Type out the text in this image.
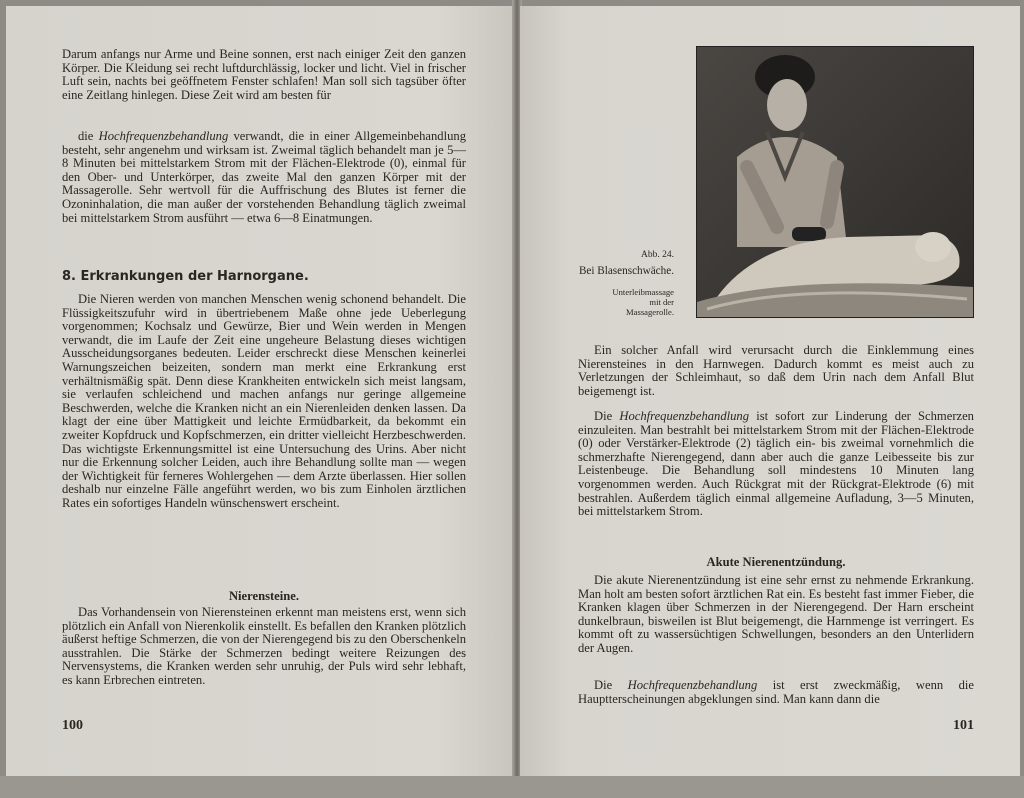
Darum anfangs nur Arme und Beine sonnen, erst nach einiger Zeit den ganzen Körper. Die Kleidung sei recht luftdurchlässig, locker und licht. Viel in frischer Luft sein, nachts bei geöffnetem Fenster schlafen! Man soll sich tagsüber öfter eine Zeitlang hinlegen. Diese Zeit wird am besten für

die Hochfrequenzbehandlung verwandt, die in einer Allgemeinbehandlung besteht, sehr angenehm und wirksam ist. Zweimal täglich behandelt man je 5—8 Minuten bei mittelstarkem Strom mit der Flächen-Elektrode (0), einmal für den Ober- und Unterkörper, das zweite Mal den ganzen Körper mit der Massagerolle. Sehr wertvoll für die Auffrischung des Blutes ist ferner die Ozoninhalation, die man außer der vorstehenden Behandlung täglich zweimal bei mittelstarkem Strom ausführt — etwa 6—8 Einatmungen.

8. Erkrankungen der Harnorgane.

Die Nieren werden von manchen Menschen wenig schonend behandelt. Die Flüssigkeitszufuhr wird in übertriebenem Maße ohne jede Ueberlegung vorgenommen; Kochsalz und Gewürze, Bier und Wein werden in Mengen verwandt, die im Laufe der Zeit eine ungeheure Belastung dieses wichtigen Ausscheidungsorganes bedeuten. Leider erschreckt diese Menschen keinerlei Warnungszeichen beizeiten, sondern man merkt eine Erkrankung erst verhältnismäßig spät. Denn diese Krankheiten entwickeln sich meist langsam, sie verlaufen schleichend und machen anfangs nur geringe allgemeine Beschwerden, welche die Kranken nicht an ein Nierenleiden denken lassen. Da klagt der eine über Mattigkeit und leichte Ermüdbarkeit, da bekommt ein zweiter Kopfdruck und Kopfschmerzen, ein dritter vielleicht Herzbeschwerden. Das wichtigste Erkennungsmittel ist eine Untersuchung des Urins. Aber nicht nur die Erkennung solcher Leiden, auch ihre Behandlung sollte man — wegen der Wichtigkeit für ferneres Wohlergehen — dem Arzte überlassen. Hier sollen deshalb nur einzelne Fälle angeführt werden, wo bis zum Einholen ärztlichen Rates ein sofortiges Handeln wünschenswert erscheint.

Nierensteine.

Das Vorhandensein von Nierensteinen erkennt man meistens erst, wenn sich plötzlich ein Anfall von Nierenkolik einstellt. Es befallen den Kranken plötzlich äußerst heftige Schmerzen, die von der Nierengegend bis zu den Oberschenkeln ausstrahlen. Die Stärke der Schmerzen bedingt weitere Reizungen des Nervensystems, die Kranken werden sehr unruhig, der Puls wird sehr lebhaft, es kann Erbrechen eintreten.

100
Abb. 24.
Bei Blasenschwäche.
Unterleibmassage
mit der
Massagerolle.

Ein solcher Anfall wird verursacht durch die Einklemmung eines Nierensteines in den Harnwegen. Dadurch kommt es meist auch zu Verletzungen der Schleimhaut, so daß dem Urin nach dem Anfall Blut beigemengt ist.

Die Hochfrequenzbehandlung ist sofort zur Linderung der Schmerzen einzuleiten. Man bestrahlt bei mittelstarkem Strom mit der Flächen-Elektrode (0) oder Verstärker-Elektrode (2) täglich ein- bis zweimal vornehmlich die schmerzhafte Nierengegend, dann aber auch die ganze Leibesseite bis zur Leistenbeuge. Die Behandlung soll mindestens 10 Minuten lang vorgenommen werden. Auch Rückgrat mit der Rückgrat-Elektrode (6) mit bestrahlen. Außerdem täglich einmal allgemeine Aufladung, 3—5 Minuten, bei mittelstarkem Strom.

Akute Nierenentzündung.

Die akute Nierenentzündung ist eine sehr ernst zu nehmende Erkrankung. Man holt am besten sofort ärztlichen Rat ein. Es besteht fast immer Fieber, die Kranken klagen über Schmerzen in der Nierengegend. Der Harn erscheint dunkelbraun, bisweilen ist Blut beigemengt, die Harnmenge ist verringert. Es kommt oft zu wassersüchtigen Schwellungen, besonders an den Unterlidern der Augen.

Die Hochfrequenzbehandlung ist erst zweckmäßig, wenn die Hauptterscheinungen abgeklungen sind. Man kann dann die

101
